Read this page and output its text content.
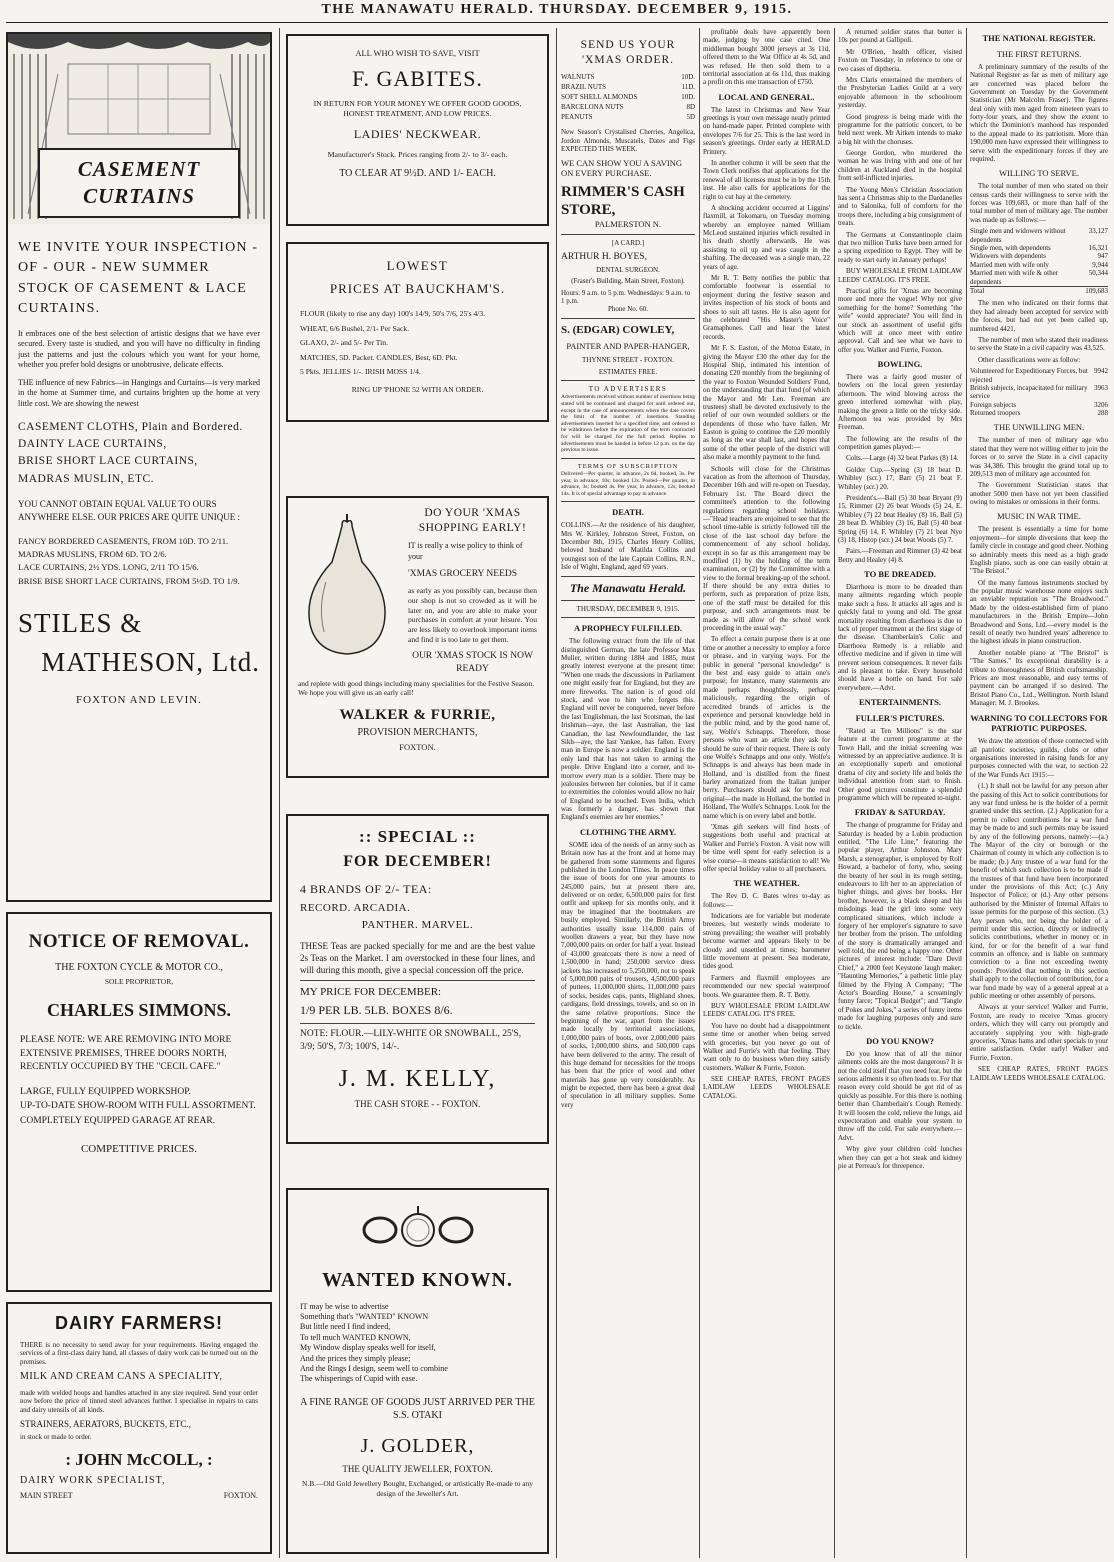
THE MANAWATU HERALD. THURSDAY. DECEMBER 9, 1915.
CASEMENT CURTAINS
WE INVITE YOUR INSPECTION - OF - OUR - NEW SUMMER STOCK OF CASEMENT & LACE CURTAINS.
It embraces one of the best selection of artistic designs that we have ever secured. Every taste is studied, and you will have no difficulty in finding just the patterns and just the colours which you want for your home, whether you prefer bold designs or unobtrusive, delicate effects.
THE influence of new Fabrics—in Hangings and Curtains—is very marked in the home at Summer time, and curtains brighten up the home at very little cost. We are showing the newest
CASEMENT CLOTHS, Plain and Bordered.
DAINTY LACE CURTAINS,
BRISE SHORT LACE CURTAINS,
MADRAS MUSLIN, ETC.
YOU CANNOT OBTAIN EQUAL VALUE TO OURS ANYWHERE ELSE. OUR PRICES ARE QUITE UNIQUE :
FANCY BORDERED CASEMENTS, FROM 10D. TO 2/11.
MADRAS MUSLINS, FROM 6D. TO 2/6.
LACE CURTAINS, 2½ YDS. LONG, 2/11 TO 15/6.
BRISE BISE SHORT LACE CURTAINS, FROM 5½D. TO 1/9.
STILES &
MATHESON, Ltd.
FOXTON AND LEVIN.
NOTICE OF REMOVAL.
THE FOXTON CYCLE & MOTOR CO.,
SOLE PROPRIETOR,
CHARLES SIMMONS.
PLEASE NOTE: WE ARE REMOVING INTO MORE EXTENSIVE PREMISES, THREE DOORS NORTH, RECENTLY OCCUPIED BY THE "CECIL CAFE."
LARGE, FULLY EQUIPPED WORKSHOP.
UP-TO-DATE SHOW-ROOM WITH FULL ASSORTMENT.
COMPLETELY EQUIPPED GARAGE AT REAR.
COMPETITIVE PRICES.
DAIRY FARMERS!
THERE is no necessity to send away for your requirements. Having engaged the services of a first-class dairy hand, all classes of dairy work can be turned out on the premises.
MILK AND CREAM CANS A SPECIALITY,
made with welded hoops and handles attached in any size required. Send your order now before the price of tinned steel advances further. I specialise in repairs to cans and dairy utensils of all kinds.
STRAINERS, AERATORS, BUCKETS, ETC.,
in stock or made to order.
: JOHN McCOLL, :
DAIRY WORK SPECIALIST,
MAIN STREET	FOXTON.
ALL WHO WISH TO SAVE, VISIT
F. GABITES.
IN RETURN FOR YOUR MONEY WE OFFER GOOD GOODS, HONEST TREATMENT, AND LOW PRICES.
LADIES' NECKWEAR.
Manufacturer's Stock. Prices ranging from 2/- to 3/- each.
TO CLEAR AT 9½D. AND 1/- EACH.
LOWEST
PRICES AT BAUCKHAM'S.
FLOUR (likely to rise any day) 100's 14/9, 50's 7/6, 25's 4/3.
WHEAT, 6/6 Bushel, 2/1- Per Sack.
GLAXO, 2/- and 5/- Per Tin.
MATCHES, 5D. Packet. CANDLES, Best, 6D. Pkt.
5 Pkts. JELLIES 1/-. IRISH MOSS 1/4.
RING UP 'PHONE 52 WITH AN ORDER.
DO YOUR 'XMAS SHOPPING EARLY!
IT is really a wise policy to think of your
'XMAS GROCERY NEEDS
as early as you possibly can, because then our shop is not so crowded as it will be later on, and you are able to make your purchases in comfort at your leisure. You are less likely to overlook important items and find it is too late to get them.
OUR 'XMAS STOCK IS NOW READY
and replete with good things including many specialities for the Festive Season. We hope you will give us an early call!
WALKER & FURRIE,
PROVISION MERCHANTS,
FOXTON.
:: SPECIAL ::
FOR DECEMBER!
4 BRANDS OF 2/- TEA:
RECORD. ARCADIA.
PANTHER. MARVEL.
THESE Teas are packed specially for me and are the best value 2s Teas on the Market. I am overstocked in these four lines, and will during this month, give a special concession off the price.
MY PRICE FOR DECEMBER:
1/9 PER LB. 5LB. BOXES 8/6.
NOTE: FLOUR.—LILY-WHITE OR SNOWBALL, 25'S, 3/9; 50'S, 7/3; 100'S, 14/-.
J. M. KELLY,
THE CASH STORE - - FOXTON.
WANTED KNOWN.
IT may be wise to advertise
Something that's "WANTED" KNOWN
But little need I find indeed,
To tell much WANTED KNOWN,
My Window display speaks well for itself,
And the prices they simply please;
And the Rings I design, seem well to combine
The whisperings of Cupid with ease.
A FINE RANGE OF GOODS JUST ARRIVED PER THE S.S. OTAKI
J. GOLDER,
THE QUALITY JEWELLER, FOXTON.
N.B.—Old Gold Jewellery Bought, Exchanged, or artistically Re-made to any design of the Jeweller's Art.
SEND US YOUR 'XMAS ORDER.
WALNUTS	10D.
BRAZIL NUTS	11D.
SOFT SHELL ALMONDS	10D.
BARCELONA NUTS	8D
PEANUTS	5D
New Season's Crystalised Cherries, Angelica, Jordon Almonds, Muscatels, Dates and Figs EXPECTED THIS WEEK.
WE CAN SHOW YOU A SAVING ON EVERY PURCHASE.
RIMMER'S CASH STORE,
PALMERSTON N.
[A CARD.]
ARTHUR H. BOYES,
DENTAL SURGEON.
(Fraser's Building, Main Street, Foxton).
Hours: 9 a.m. to 5 p.m. Wednesdays: 9 a.m. to 1 p.m.
Phone No. 60.
S. (EDGAR) COWLEY,
PAINTER AND PAPER-HANGER,
THYNNE STREET - FOXTON.
ESTIMATES FREE.
TO ADVERTISERS
Advertisements received without number of insertions being stated will be continued and charged for until ordered out, except in the case of announcements where the date covers the limit of the number of insertions. Standing advertisements inserted for a specified time, and ordered to be withdrawn before the expiration of the term contracted for will be charged for the full period. Replies to advertisements must be handed in before 12 p.m. on the day previous to issue.
TERMS OF SUBSCRIPTION
Delivered—Per quarter, in advance, 2s 6d, booked, 3s. Per year, in advance, 10s; booked 12s. Posted—Per quarter, in advance, 3s; booked 4s. Per year, in advance, 12s; booked 14s. It is of special advantage to pay in advance.
DEATH.
COLLINS.—At the residence of his daughter, Mrs W. Kirkley, Johnston Street, Foxton, on December 8th, 1915, Charles Henry Collins, beloved husband of Matilda Collins and youngest son of the late Captain Collins, R.N., Isle of Wight, England, aged 69 years.
The Manawatu Herald.
THURSDAY, DECEMBER 9, 1915.
A PROPHECY FULFILLED.

The following extract from the life of that distinguished German, the late Professor Max Muller, written during 1884 and 1885, must greatly interest everyone at the present time: "When one reads the discussions in Parliament one might easily fear for England, but they are mere fireworks. The nation is of good old stock, and woe to him who forgets this. England will never be conquered, never before the last Englishman, the last Scotsman, the last Irishman—aye, the last Australian, the last Canadian, the last Newfoundlander, the last Sikh—aye, the last Yankee, has fallen. Every man in Europe is now a soldier. England is the only land that has not taken to arming the people. Drive England into a corner, and to-morrow every man is a soldier. There may be jealousies between her colonies, but if it came to extremities the colonies would allow no hair of England to be touched. Even India, which was formerly a danger, has shown that England's enemies are her enemies."

CLOTHING THE ARMY.

SOME idea of the needs of an army such as Britain now has at the front and at home may be gathered from some statements and figures published in the London Times. In peace times the issue of boots for one year amounts to 245,000 pairs, but at present there are, delivered or on order, 6,500,000 pairs for first outfit and upkeep for six months only, and it may be imagined that the bootmakers are busily employed. Similarly, the British Army authorities usually issue 114,000 pairs of woollen drawers a year, but they have now 7,000,000 pairs on order for half a year. Instead of 43,000 greatcoats there is now a need of 1,500,000 in hand; 250,000 service dress jackets has increased to 5,250,000, not to speak of 5,000,000 pairs of trousers, 4,500,000 pairs of puttees, 11,000,000 shirts, 11,000,000 pairs of socks, besides caps, pants, Highland shoes, cardigans, field dressings, towels, and so on in the same relative proportions. Since the beginning of the war, apart from the issues made locally by territorial associations, 1,000,000 pairs of boots, over 2,000,000 pairs of socks, 1,000,000 shirts, and 500,000 caps have been delivered to the army. The result of this huge demand for necessities for the troops has been that the price of wool and other materials has gone up very considerably. As might be expected, there has been a great deal of speculation in all military supplies. Some very

profitable deals have apparently been made, judging by one case cited. One middleman bought 3000 jerseys at 3s 11d, offered them to the War Office at 4s 5d, and was refused. He then sold them to a territorial association at 6s 11d, thus making a profit on this one transaction of £750.

LOCAL AND GENERAL.

The latest in Christmas and New Year greetings is your own message neatly printed on hand-made paper. Printed complete with envelopes 7/6 for 25. This is the last word in season's greetings. Order early at HERALD Printery.

In another column it will be seen that the Town Clerk notifies that applications for the renewal of all licenses must be in by the 15th inst. He also calls for applications for the right to cut hay at the cemetery.

A shocking accident occurred at Liggins' flaxmill, at Tokomaru, on Tuesday morning whereby an employee named William McLeod sustained injuries which resulted in his death shortly afterwards. He was assisting to oil up and was caught in the shafting. The deceased was a single man, 22 years of age.

Mr R. T. Betty notifies the public that comfortable footwear is essential to enjoyment during the festive season and invites inspection of his stock of boots and shoes to suit all tastes. He is also agent for the celebrated "His Master's Voice" Gramaphones. Call and hear the latest records.

Mr F. S. Easton, of the Motoa Estate, in giving the Mayor £30 the other day for the Hospital Ship, intimated his intention of donating £20 monthly from the beginning of the year to Foxton Wounded Soldiers' Fund, on the understanding that that fund (of which the Mayor and Mr Len. Freeman are trustees) shall be devoted exclusively to the relief of our own wounded soldiers or the dependents of those who have fallen. Mr Easton is going to continue the £20 monthly as long as the war shall last, and hopes that some of the other people of the district will also make a monthly payment to the fund.

Schools will close for the Christmas vacation as from the afternoon of Thursday, December 16th and will re-open on Tuesday, February 1st. The Board direct the committee's attention to the following regulations regarding school holidays:—"Head teachers are enjoined to see that the school time-table is strictly followed till the close of the last school day before the commencement of any school holiday, except in so far as this arrangement may be modified (1) by the holding of the term examination, or (2) by the Committee with a view to the formal breaking-up of the school. If there should be any extra duties to perform, such as preparation of prize lists, one of the staff must be detailed for this purpose, and such arrangements must be made as will allow of the school work proceeding in the usual way."

To effect a certain purpose there is at one time or another a necessity to employ a force or phrase, and in varying ways. For the public in general "personal knowledge" is the best and easy guide to attain one's purpose; for instance, many statements are made perhaps thoughtlessly, perhaps maliciously, regarding the origin of accredited brands of articles is the experience and personal knowledge held in the public mind, and by the good name of, say, Wolfe's Schnapps. Therefore, those persons who want an article they ask for should be sure of their request. There is only one Wolfe's Schnapps and one only. Wolfe's Schnapps is and always has been made in Holland, and is distilled from the finest barley aromatized from the Italian juniper berry. Purchasers should ask for the real original—the made in Holland, the bottled in Holland, The Wolfe's Schnapps. Look for the name which is on every label and bottle.

'Xmas gift seekers will find hosts of suggestions both useful and practical at Walker and Furrie's Foxton. A visit now will be time well spent for early selection is a wise course—it means satisfaction to all! We offer special holiday value to all purchasers.

THE WEATHER.

The Rev D. C. Bates wires to-day as follows:—

Indications are for variable but moderate breezes, but westerly winds moderate to strong prevailing; the weather will probably become warmer and appears likely to be cloudy and unsettled at times; barometer little movement at present. Sea moderate, tides good.

Farmers and flaxmill employees are recommended our new special waterproof boots. We guarantee them. R. T. Betty.

BUY WHOLESALE FROM LAIDLAW LEEDS' CATALOG. IT'S FREE.

You have no doubt had a disappointment some time or another when being served with groceries, but you never go out of Walker and Furrie's with that feeling. They want only to do business when they satisfy customers. Walker & Furrie, Foxton.

SEE CHEAP RATES, FRONT PAGES LAIDLAW LEEDS WHOLESALE CATALOG.

A returned soldier states that butter is 10s per pound at Gallipoli.

Mr O'Brien, health officer, visited Foxton on Tuesday, in reference to one or two cases of diptheria.

Mrs Claris entertained the members of the Presbyterian Ladies Guild at a very enjoyable afternoon in the schoolroom yesterday.

Good progress is being made with the programme for the patriotic concert, to be held next week. Mr Aitken intends to make a big hit with the choruses.

George Gordon, who murdered the woman he was living with and one of her children at Auckland died in the hospital from self-inflicted injuries.

The Young Men's Christian Association has sent a Christmas ship to the Dardanelles and to Salonika, full of comforts for the troops there, including a big consignment of treats.

The Germans at Constantinople claim that two million Turks have been armed for a spring expedition to Egypt. They will be ready to start early in January perhaps!

BUY WHOLESALE FROM LAIDLAW LEEDS' CATALOG. IT'S FREE.

Practical gifts for 'Xmas are becoming more and more the vogue! Why not give something for the home? Something "the wife" would appreciate? You will find in our stock an assortment of useful gifts which will at once meet with entire approval. Call and see what we have to offer you. Walker and Furrie, Foxton.

BOWLING.

There was a fairly good muster of bowlers on the local green yesterday afternoon. The wind blowing across the green interfered somewhat with play, making the green a little on the tricky side. Afternoon tea was provided by Mrs Freeman.

The following are the results of the competition games played:—

Colts.—Large (4) 32 beat Parkes (8) 14.

Golder Cup.—Spring (3) 18 beat D. Whibley (scr.) 17, Barr (5) 21 beat F. Whibley (scr.) 20.

President's.—Ball (5) 30 beat Bryant (9) 15, Rimmer (2) 26 beat Woods (5) 24, E. Whibley (7) 22 beat Healey (8) 16, Ball (5) 28 beat D. Whibley (3) 16, Ball (5) 40 beat Spring (6) 14, F. Whibley (7) 21 beat Nye (3) 18, Histop (scr.) 24 beat Woods (5) 7.

Pairs.—Freeman and Rimmer (3) 42 beat Betty and Healey (4) 8.

TO BE DREADED.

Diarrhoea is more to be dreaded than many ailments regarding which people make such a fuss. It attacks all ages and is quickly fatal to young and old. The great mortality resulting from diarrhoea is due to lack of proper treatment at the first stage of the disease. Chamberlain's Colic and Diarrhoea Remedy is a reliable and effective medicine and if given in time will prevent serious consequences. It never fails and is pleasant to take. Every household should have a bottle on hand. For sale everywhere.—Advt.

ENTERTAINMENTS.
FULLER'S PICTURES.

"Rated at Ten Millions" is the star feature at the current programme at the Town Hall, and the initial screening was witnessed by an appreciative audience. It is an exceptionally superb and emotional drama of city and society life and holds the individual attention from start to finish. Other good pictures constitute a splendid programme which will be repeated to-night.

FRIDAY & SATURDAY.

The change of programme for Friday and Saturday is headed by a Lubin production entitled, "The Life Line," featuring the popular player, Arthur Johnston. Mary Marsh, a stenographer, is employed by Rolf Howard, a bachelor of forty, who, seeing the beauty of her soul in its rough setting, endeavours to lift her to an appreciation of higher things, and gives her books. Her brother, however, is a black sheep and his misdoings lead the girl into some very complicated situations, which include a forgery of her employer's signature to save her brother from the prison. The unfolding of the story is dramatically arranged and well told, the end being a happy one. Other pictures of interest include: "Dare Devil Chief," a 2000 feet Keystone laugh maker; "Haunting Memories," a pathetic little play filmed by the Flying A Company; "The Actor's Boarding House," a screamingly funny farce; "Topical Budget"; and "Tangle of Pokes and Jokes," a series of funny items made for laughing purposes only and sure to tickle.

DO YOU KNOW?

Do you know that of all the minor ailments colds are the most dangerous? It is not the cold itself that you need fear, but the serious ailments it so often leads to. For that reason every cold should be got rid of as quickly as possible. For this there is nothing better than Chamberlain's Cough Remedy. It will loosen the cold, relieve the lungs, aid expectoration and enable your system to throw off the cold. For sale everywhere.—Advt.

Why give your children cold lunches when they can get a hot steak and kidney pie at Perreau's for threepence.

THE NATIONAL REGISTER.
THE FIRST RETURNS.

A preliminary summary of the results of the National Register as far as men of military age are concerned was placed before the Government on Tuesday by the Government Statistician (Mr Malcolm Fraser). The figures deal only with men aged from nineteen years to forty-four years, and they show the extent to which the Dominion's manhood has responded to the appeal made to its patriotism. More than 190,000 men have expressed their willingness to serve with the expeditionary forces if they are required.

WILLING TO SERVE.

The total number of men who stated on their census cards their willingness to serve with the forces was 109,683, or more than half of the total number of men of military age. The number was made up as follows:—

Single men and widowers without dependents
33,127
Single men, with dependents	16,321
Widowers with dependents	947
Married men with wife only	9,944
Married men with wife & other dependents
50,344
Total	109,683

The men who indicated on their forms that they had already been accepted for service with the forces, but had not yet been called up, numbered 4421.

The number of men who stated their readiness to serve the State in a civil capacity was 43,525.

Other classifications were as follow:

Volunteered for Expeditionary Forces, but rejected
9942
British subjects, incapacitated for military service
3963
Foreign subjects	3206
Returned troopers	288
THE UNWILLING MEN.

The number of men of military age who stated that they were not willing either to join the forces or to serve the State in a civil capacity was 34,386. This brought the grand total up to 209,513 men of military age accounted for.

The Government Statistician states that another 5000 men have not yet been classified owing to mistakes or omissions in their forms.

MUSIC IN WAR TIME.

The present is essentially a time for home enjoyment—for simple diversions that keep the family circle in courage and good cheer. Nothing so admirably meets this need as a high grade English piano, such as one can easily obtain at "The Bristol."

Of the many famous instruments stocked by the popular music warehouse none enjoys such an enviable reputation as "The Broadwood." Made by the oldest-established firm of piano manufacturers in the British Empire—John Broadwood and Sons, Ltd.—every model is the result of nearly two hundred years' adherence to the highest ideals in piano construction.

Another notable piano at "The Bristol" is "The Sames." Its exceptional durability is a tribute to thoroughness of British craftsmanship. Prices are most reasonable, and easy terms of payment can be arranged if so desired. The Bristol Piano Co., Ltd., Wellington. North Island Manager: M. J. Brookes.

WARNING TO COLLECTORS FOR PATRIOTIC PURPOSES.

We draw the attention of those connected with all patriotic societies, guilds, clubs or other organisations interested in raising funds for any purposes connected with the war, to section 22 of the War Funds Act 1915:—

(1.) It shall not be lawful for any person after the passing of this Act to solicit contributions for any war fund unless he is the holder of a permit granted under this section. (2.) Application for a permit to collect contributions for a war fund may be made to and such permits may be issued by any of the following persons, namely:—(a.) The Mayor of the city or borough or the Chairman of county in which any collection is to be made; (b.) Any trustee of a war fund for the benefit of which such collection is to be made if the trustees of that fund have been incorporated under the provisions of this Act; (c.) Any Inspector of Police; or (d.) Any other persons authorised by the Minister of Internal Affairs to issue permits for the purpose of this section. (3.) Any person who, not being the holder of a permit under this section, directly or indirectly solicits contributions, whether in money or in kind, for or for the benefit of a war fund commits an offence, and is liable on summary conviction to a fine not exceeding twenty pounds: Provided that nothing in this section shall apply to the collection of contribution, for a war fund made by way of a general appeal at a public meeting or other assembly of persons.

Always at your service! Walker and Furrie, Foxton, are ready to receive 'Xmas grocery orders, which they will carry out promptly and accurately supplying you with high-grade groceries, 'Xmas hams and other specials to your entire satisfaction. Order early! Walker and Furrie, Foxton.

SEE CHEAP RATES, FRONT PAGES LAIDLAW LEEDS WHOLESALE CATALOG.
